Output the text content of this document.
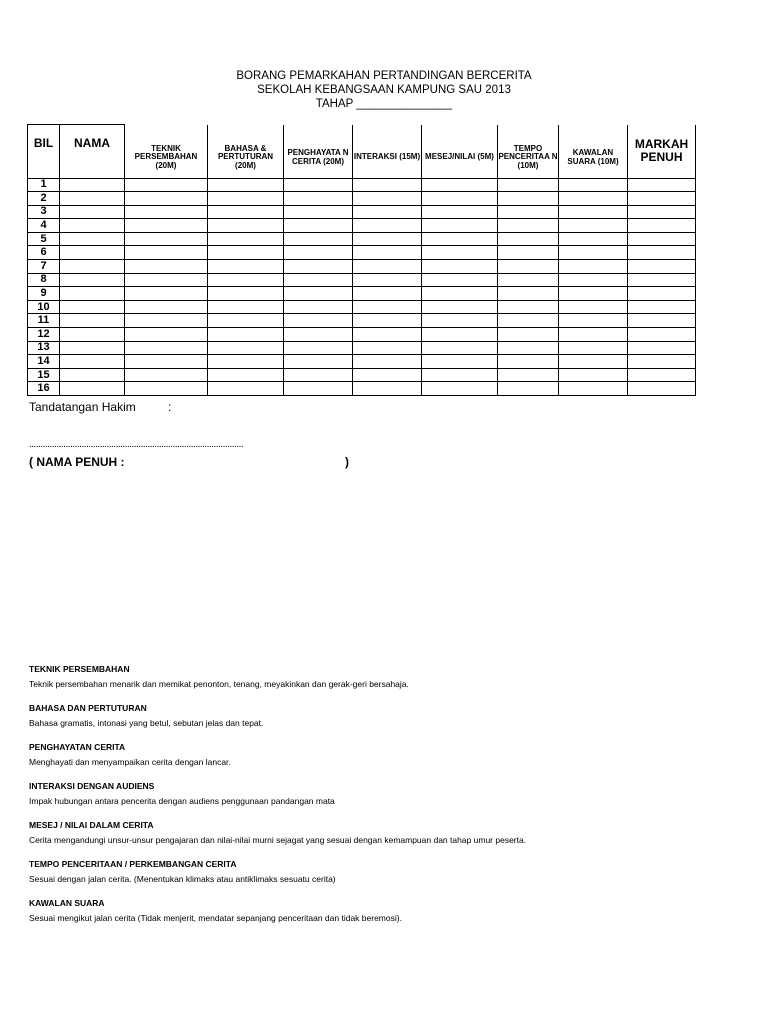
BORANG PEMARKAHAN PERTANDINGAN BERCERITA
SEKOLAH KEBANGSAAN KAMPUNG SAU 2013
TAHAP _______________
BIL	NAMA	TEKNIK PERSEMBAHAN (20M)	BAHASA & PERTUTURAN (20M)	PENGHAYATA N CERITA (20M)	INTERAKSI (15M)	MESEJ/NILAI (5M)	TEMPO PENCERITAA N (10M)	KAWALAN SUARA (10M)	MARKAH PENUH
1									
2									
3									
4									
5									
6									
7									
8									
9									
10									
11									
12									
13									
14									
15									
16									
Tandatangan Hakim	:
..............................................................................................
( NAMA PENUH :	)
TEKNIK PERSEMBAHAN
Teknik persembahan menarik dan memikat penonton, tenang, meyakinkan dan gerak-geri bersahaja.
BAHASA DAN PERTUTURAN
Bahasa gramatis, intonasi yang betul, sebutan jelas dan tepat.
PENGHAYATAN CERITA
Menghayati dan menyampaikan cerita dengan lancar.
INTERAKSI DENGAN AUDIENS
Impak hubungan antara pencerita dengan audiens penggunaan pandangan mata
MESEJ / NILAI DALAM CERITA
Cerita mengandungi unsur-unsur pengajaran dan nilai-nilai murni sejagat yang sesuai dengan kemampuan dan tahap umur peserta.
TEMPO PENCERITAAN / PERKEMBANGAN CERITA
Sesuai dengan jalan cerita. (Menentukan klimaks atau antiklimaks sesuatu cerita)
KAWALAN SUARA
Sesuai mengikut jalan cerita (Tidak menjerit, mendatar sepanjang penceritaan dan tidak beremosi).
